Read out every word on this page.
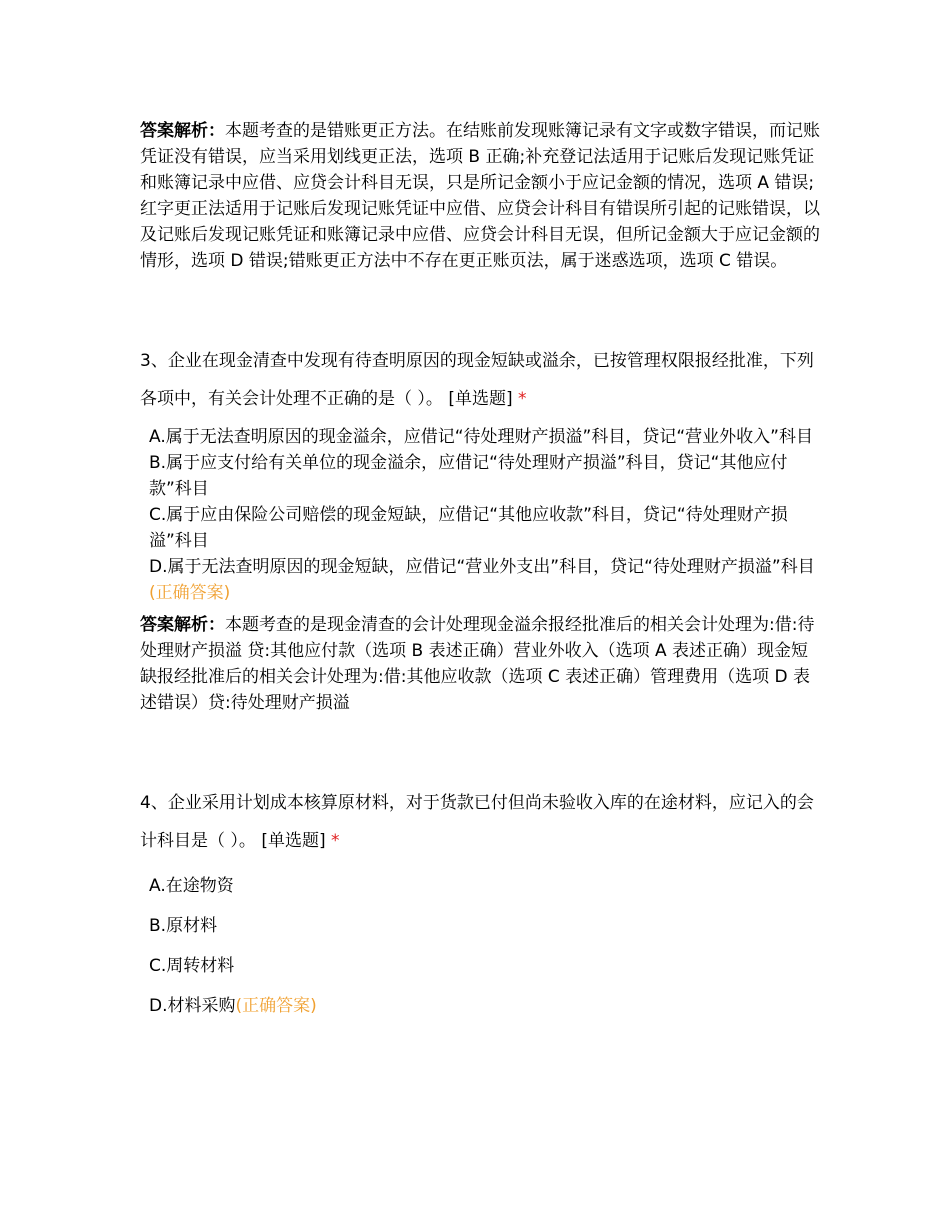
答案解析：本题考查的是错账更正方法。在结账前发现账簿记录有文字或数字错误，而记账凭证没有错误，应当采用划线更正法，选项 B 正确;补充登记法适用于记账后发现记账凭证和账簿记录中应借、应贷会计科目无误，只是所记金额小于应记金额的情况，选项 A 错误;红字更正法适用于记账后发现记账凭证中应借、应贷会计科目有错误所引起的记账错误，以及记账后发现记账凭证和账簿记录中应借、应贷会计科目无误，但所记金额大于应记金额的情形，选项 D 错误;错账更正方法中不存在更正账页法，属于迷惑选项，选项 C 错误。
3、企业在现金清查中发现有待查明原因的现金短缺或溢余，已按管理权限报经批准，下列各项中，有关会计处理不正确的是（ ）。 [单选题] *
A.属于无法查明原因的现金溢余，应借记“待处理财产损溢”科目，贷记“营业外收入”科目
B.属于应支付给有关单位的现金溢余，应借记“待处理财产损溢”科目，贷记“其他应付款”科目
C.属于应由保险公司赔偿的现金短缺，应借记“其他应收款”科目，贷记“待处理财产损溢”科目
D.属于无法查明原因的现金短缺，应借记“营业外支出”科目，贷记“待处理财产损溢”科目(正确答案)
答案解析：本题考查的是现金清查的会计处理现金溢余报经批准后的相关会计处理为:借:待处理财产损溢 贷:其他应付款（选项 B 表述正确）营业外收入（选项 A 表述正确）现金短缺报经批准后的相关会计处理为:借:其他应收款（选项 C 表述正确）管理费用（选项 D 表述错误）贷:待处理财产损溢
4、企业采用计划成本核算原材料，对于货款已付但尚未验收入库的在途材料，应记入的会计科目是（ ）。 [单选题] *
A.在途物资
B.原材料
C.周转材料
D.材料采购(正确答案)
